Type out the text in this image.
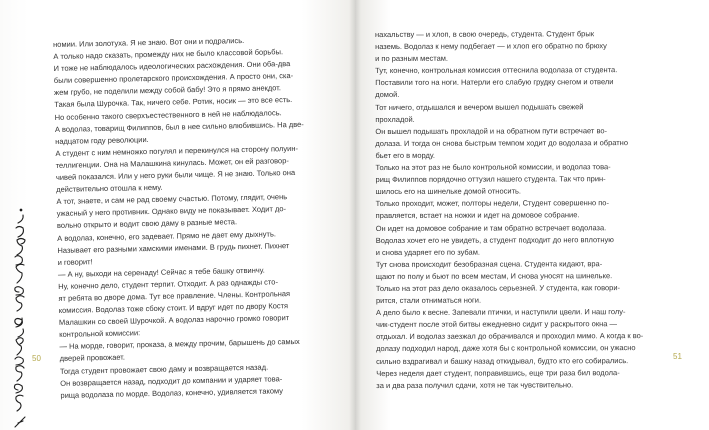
номии. Или золотуха. Я не знаю. Вот они и подрались.
А только надо сказать, промежду них не было классовой борьбы.
И тоже не наблюдалось идеологических расхождения. Они оба-два
были совершенно пролетарского происхождения. А просто они, ска-
жем грубо, не поделили между собой бабу! Это я прямо анекдот.
Такая была Шурочка. Так, ничего себе. Ротик, носик — это все есть.
Но особенно такого сверхъестественного в ней не наблюдалось.
А водолаз, товарищ Филиппов, был в нее сильно влюбившись. На две-
надцатом году революции.
А студент с ним немножко погулял и перекинулся на сторону полуин-
теллигенции. Она на Малашкина кинулась. Может, он ей разговор-
чивей показался. Или у него руки были чище. Я не знаю. Только она
действительно отошла к нему.
А тот, знаете, и сам не рад своему счастью. Потому, глядит, очень
ужасный у него противник. Однако виду не показывает. Ходит до-
вольно открыто и водит свою даму в разные места.
А водолаз, конечно, его задевает. Прямо не дает ему дыхнуть.
Называет его разными хамскими именами. В грудь пихнет. Пихнет
и говорит!
— А ну, выходи на серенаду! Сейчас я тебе башку отвинчу.
Ну, конечно дело, студент терпит. Отходит. А раз однажды сто-
ят ребята во дворе дома. Тут все правление. Члены. Контрольная
комиссия. Водолаз тоже сбоку стоит. И вдруг идет по двору Костя
Малашкин со своей Шурочкой. А водолаз нарочно громко говорит
контрольной комиссии:
— На морде, говорит, проказа, а между прочим, барышень до самых
дверей провожает.
Тогда студент провожает свою даму и возвращается назад.
Он возвращается назад, подходит до компании и ударяет това-
рища водолаза по морде. Водолаз, конечно, удивляется такому
50
нахальству — и хлоп, в свою очередь, студента. Студент брык
наземь. Водолаз к нему подбегает — и хлоп его обратно по брюху
и по разным местам.
Тут, конечно, контрольная комиссия оттеснила водолаза от студента.
Поставили того на ноги. Натерли его слабую грудку снегом и отвели
домой.
Тот ничего, отдышался и вечером вышел подышать свежей
прохладой.
Он вышел подышать прохладой и на обратном пути встречает во-
долаза. И тогда он снова быстрым темпом ходит до водолаза и обратно
бьет его в морду.
Только на этот раз не было контрольной комиссии, и водолаз това-
рищ Филиппов порядочно оттузил нашего студента. Так что прин-
шилось его на шинельке домой относить.
Только проходит, может, полторы недели, Студент совершенно по-
правляется, встает на ножки и идет на домовое собрание.
Он идет на домовое собрание и там обратно встречает водолаза.
Водолаз хочет его не увидеть, а студент подходит до него вплотную
и снова ударяет его по зубам.
Тут снова происходит безобразная сцена. Студента кидают, вра-
щают по полу и бьют по всем местам, И снова уносят на шинельке.
Только на этот раз дело оказалось серьезней. У студента, как говори-
рится, стали отниматься ноги.
А дело было к весне. Запевали птички, и наступили цвели. И наш голу-
чик-студент после этой битвы ежедневно сидит у раскрытого окна —
отдыхал. И водолаз заезжал до обрачивался и проходил мимо. А когда к во-
долазу подходил народ, даже хотя бы с контрольной комиссии, он ужасно
сильно вздрагивал и башку назад откидывал, будто кто его собирались.
Через неделя дает студент, поправившись, еще три раза бил водола-
за и два раза получил сдачи, хотя не так чувствительно.
51
